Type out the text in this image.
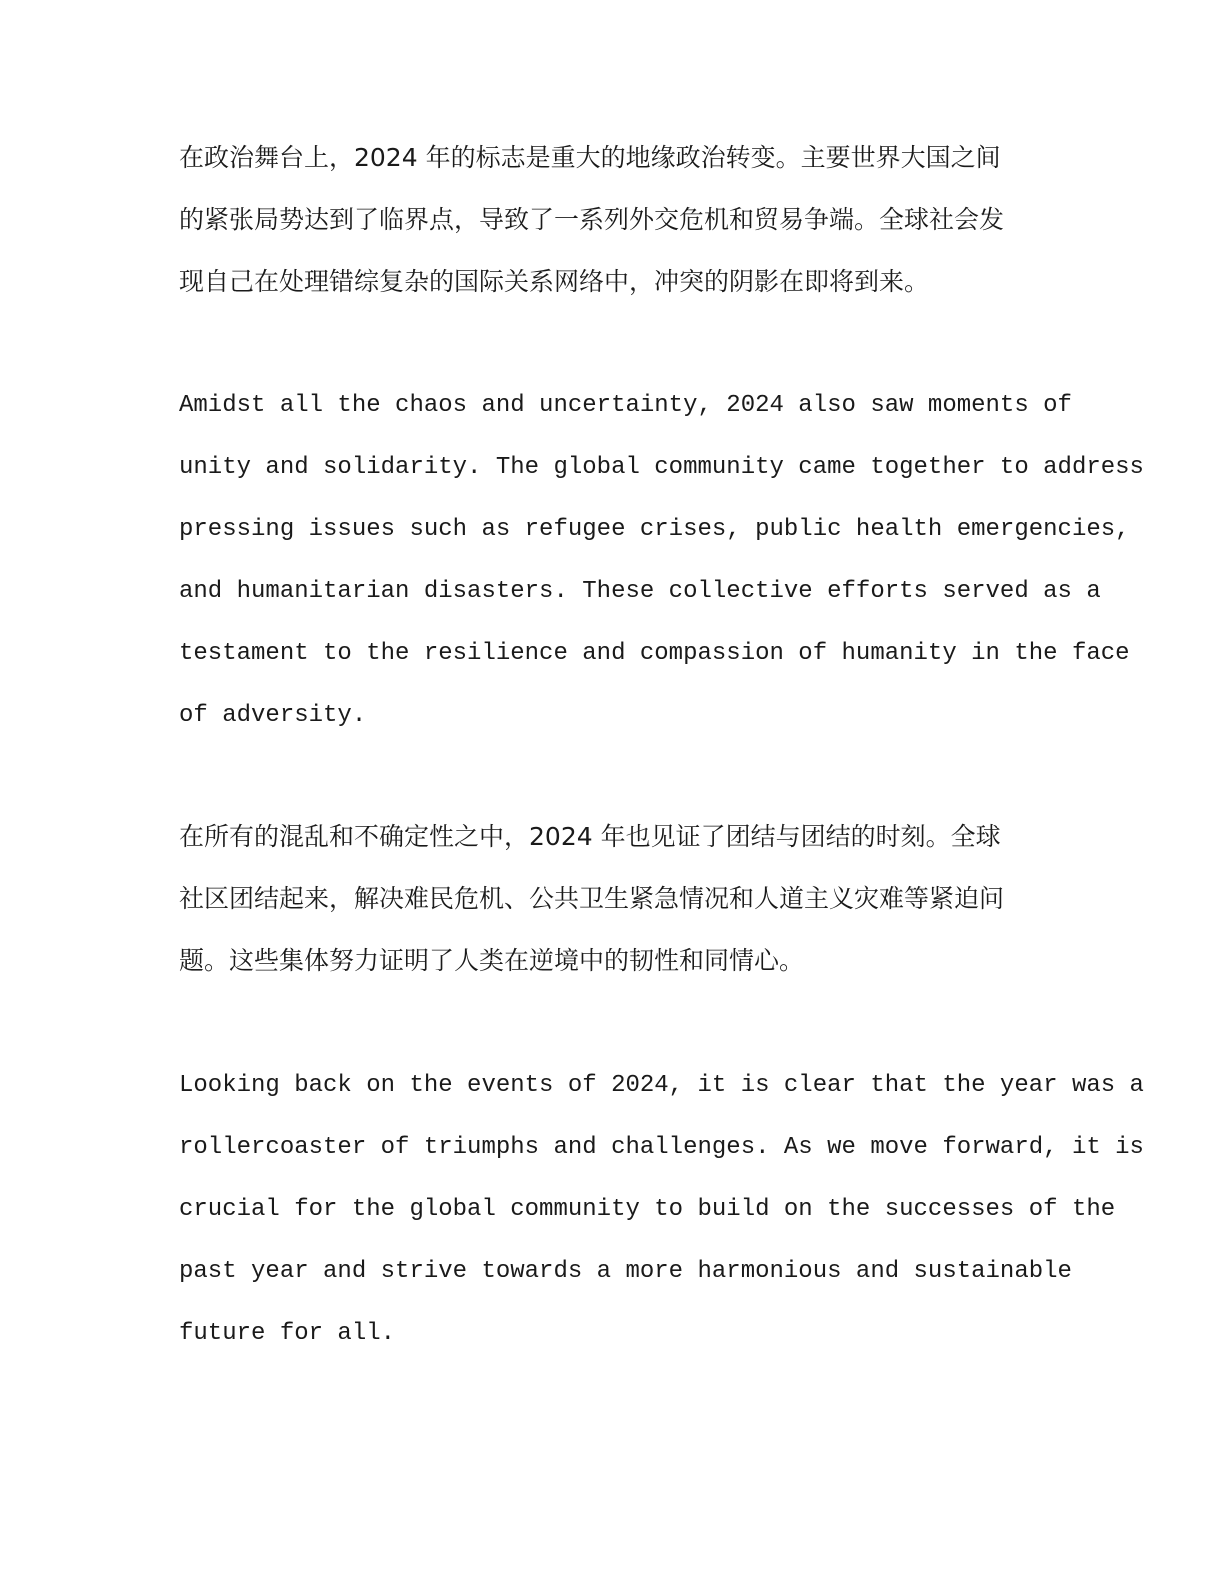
在政治舞台上，2024 年的标志是重大的地缘政治转变。主要世界大国之间
的紧张局势达到了临界点，导致了一系列外交危机和贸易争端。全球社会发
现自己在处理错综复杂的国际关系网络中，冲突的阴影在即将到来。
Amidst all the chaos and uncertainty, 2024 also saw moments of
unity and solidarity. The global community came together to address
pressing issues such as refugee crises, public health emergencies,
and humanitarian disasters. These collective efforts served as a
testament to the resilience and compassion of humanity in the face
of adversity.
在所有的混乱和不确定性之中，2024 年也见证了团结与团结的时刻。全球
社区团结起来，解决难民危机、公共卫生紧急情况和人道主义灾难等紧迫问
题。这些集体努力证明了人类在逆境中的韧性和同情心。
Looking back on the events of 2024, it is clear that the year was a
rollercoaster of triumphs and challenges. As we move forward, it is
crucial for the global community to build on the successes of the
past year and strive towards a more harmonious and sustainable
future for all.
